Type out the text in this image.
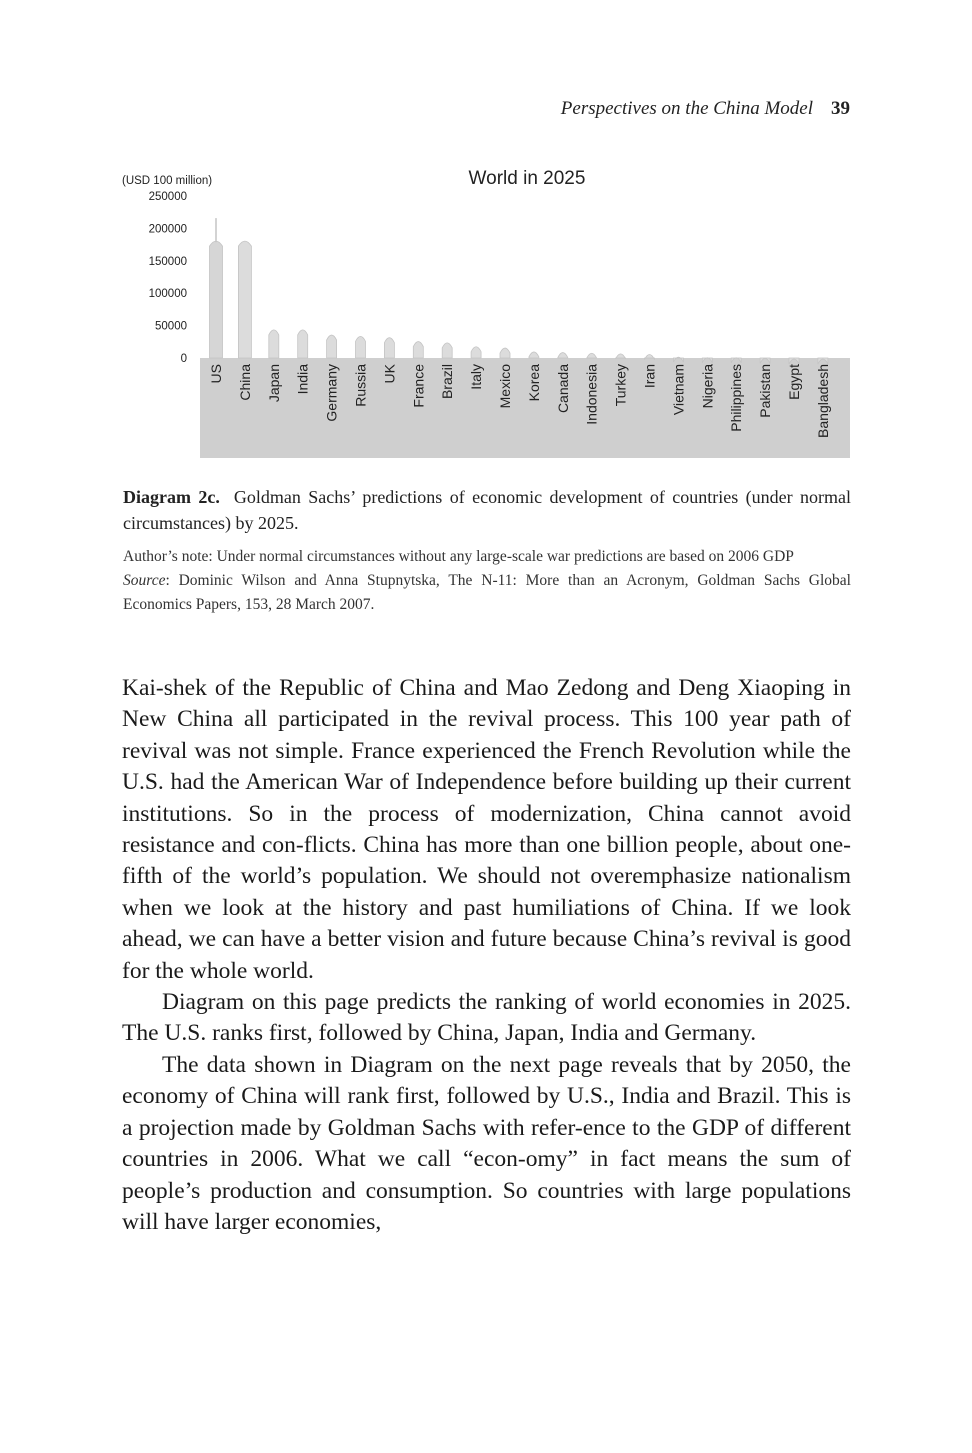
Perspectives on the China Model 39
World in 2025
(USD 100 million)
250000
200000
150000
100000
50000
0
US China Japan India Germany Russia UK France Brazil Italy Mexico Korea Canada Indonesia Turkey Iran Vietnam Nigeria Philippines Pakistan Egypt Bangladesh
Diagram 2c. Goldman Sachs’ predictions of economic development of countries (under normal circumstances) by 2025.

Author’s note: Under normal circumstances without any large-scale war predictions are based on 2006 GDP

Source: Dominic Wilson and Anna Stupnytska, The N-11: More than an Acronym, Goldman Sachs Global Economics Papers, 153, 28 March 2007.

Kai-shek of the Republic of China and Mao Zedong and Deng Xiaoping in New China all participated in the revival process. This 100 year path of revival was not simple. France experienced the French Revolution while the U.S. had the American War of Independence before building up their current institutions. So in the process of modernization, China cannot avoid resistance and con-flicts. China has more than one billion people, about one-fifth of the world’s population. We should not overemphasize nationalism when we look at the history and past humiliations of China. If we look ahead, we can have a better vision and future because China’s revival is good for the whole world.

Diagram on this page predicts the ranking of world economies in 2025. The U.S. ranks first, followed by China, Japan, India and Germany.

The data shown in Diagram on the next page reveals that by 2050, the economy of China will rank first, followed by U.S., India and Brazil. This is a projection made by Goldman Sachs with refer-ence to the GDP of different countries in 2006. What we call “econ-omy” in fact means the sum of people’s production and consumption. So countries with large populations will have larger economies,
